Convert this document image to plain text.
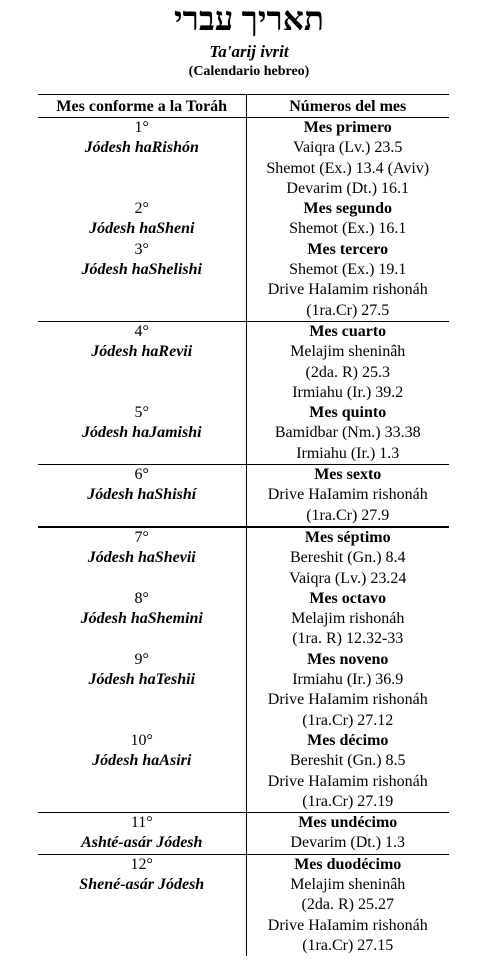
תאריך עברי
Ta'arij ivrit
(Calendario hebreo)
Mes conforme a la Toráh	Números del mes

1°
Jódesh haRishón	Mes primero
Vaiqra (Lv.) 23.5
Shemot (Ex.) 13.4 (Aviv)
Devarim (Dt.) 16.1

2°
Jódesh haSheni	Mes segundo
Shemot (Ex.) 16.1

3°
Jódesh haShelishi	Mes tercero
Shemot (Ex.) 19.1
Drive HaIamim rishonáh
(1ra.Cr) 27.5

4°
Jódesh haRevii	Mes cuarto
Melajim sheninâh
(2da. R) 25.3
Irmiahu (Ir.) 39.2

5°
Jódesh haJamishi	Mes quinto
Bamidbar (Nm.) 33.38
Irmiahu (Ir.) 1.3

6°
Jódesh haShishí	Mes sexto
Drive HaIamim rishonáh
(1ra.Cr) 27.9

7°
Jódesh haShevii	Mes séptimo
Bereshit (Gn.) 8.4
Vaiqra (Lv.) 23.24

8°
Jódesh haShemini	Mes octavo
Melajim rishonáh
(1ra. R) 12.32-33

9°
Jódesh haTeshii	Mes noveno
Irmiahu (Ir.) 36.9
Drive HaIamim rishonáh
(1ra.Cr) 27.12

10°
Jódesh haAsiri	Mes décimo
Bereshit (Gn.) 8.5
Drive HaIamim rishonáh
(1ra.Cr) 27.19

11°
Ashté-asár Jódesh	Mes undécimo
Devarim (Dt.) 1.3

12°
Shené-asár Jódesh	Mes duodécimo
Melajim sheninâh
(2da. R) 25.27
Drive HaIamim rishonáh
(1ra.Cr) 27.15
